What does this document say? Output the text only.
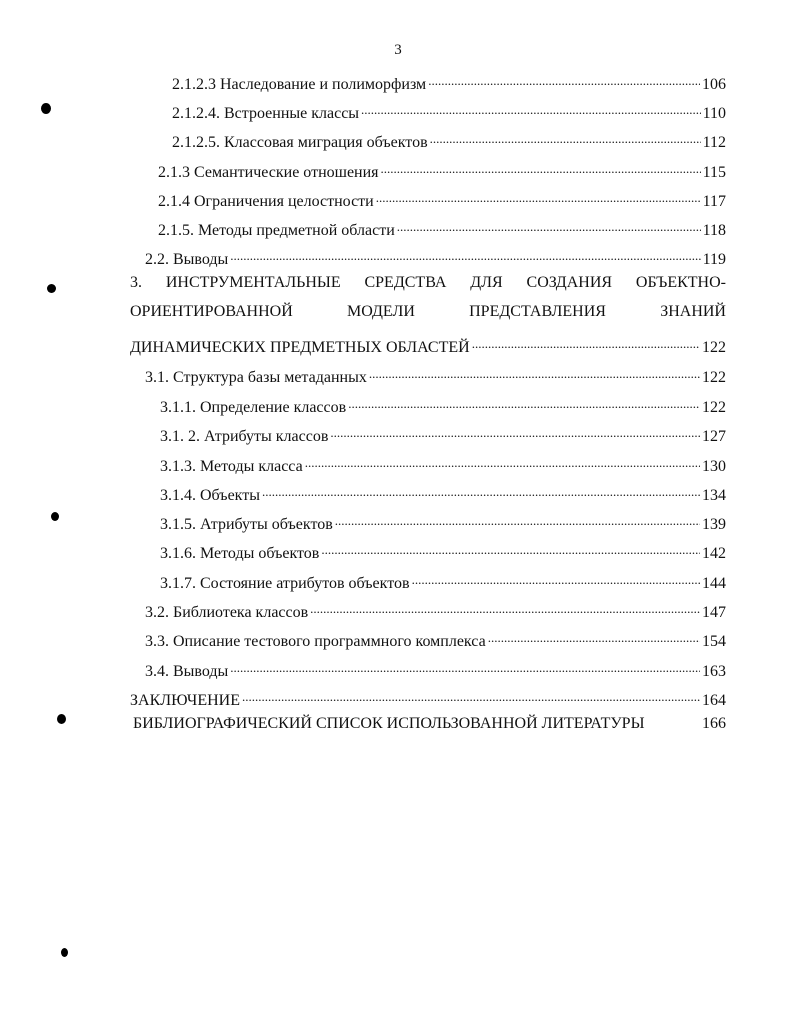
3
2.1.2.3 Наследование и полиморфизм .....	106
2.1.2.4. Встроенные классы .....	110
2.1.2.5. Классовая миграция объектов .....	112
2.1.3 Семантические отношения .....	115
2.1.4 Ограничения целостности .....	117
2.1.5. Методы предметной области .....	118
2.2. Выводы .....	119
3. ИНСТРУМЕНТАЛЬНЫЕ СРЕДСТВА ДЛЯ СОЗДАНИЯ ОБЪЕКТНО-
ОРИЕНТИРОВАННОЙ	МОДЕЛИ	ПРЕДСТАВЛЕНИЯ	ЗНАНИЙ
ДИНАМИЧЕСКИХ ПРЕДМЕТНЫХ ОБЛАСТЕЙ .....	122
3.1. Структура базы метаданных .....	122
3.1.1. Определение классов .....	122
3.1. 2. Атрибуты классов .....	127
3.1.3. Методы класса .....	130
3.1.4. Объекты .....	134
3.1.5. Атрибуты объектов .....	139
3.1.6. Методы объектов .....	142
3.1.7. Состояние атрибутов объектов .....	144
3.2. Библиотека классов .....	147
3.3. Описание тестового программного комплекса .....	154
3.4. Выводы .....	163
ЗАКЛЮЧЕНИЕ .....	164
БИБЛИОГРАФИЧЕСКИЙ СПИСОК ИСПОЛЬЗОВАННОЙ ЛИТЕРАТУРЫ	166
